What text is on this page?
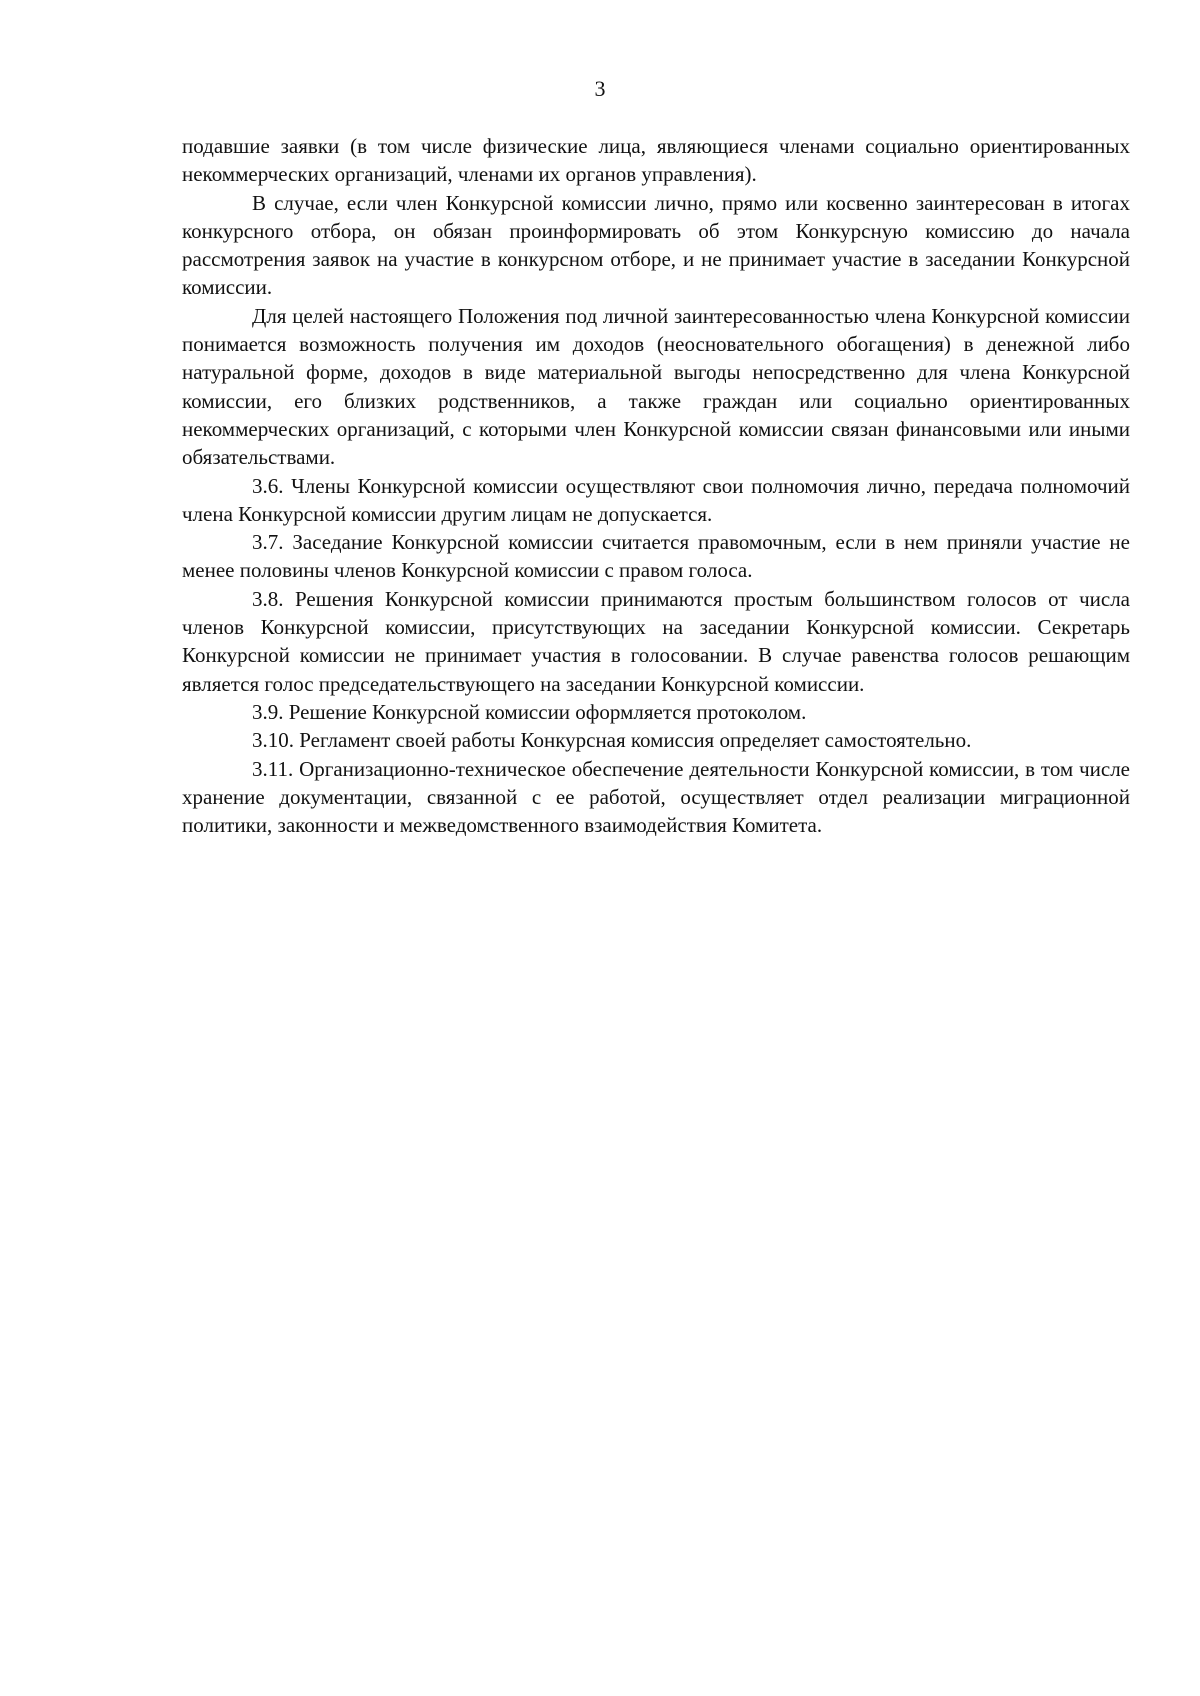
3

подавшие заявки (в том числе физические лица, являющиеся членами социально ориентированных некоммерческих организаций, членами их органов управления).

В случае, если член Конкурсной комиссии лично, прямо или косвенно заинтересован в итогах конкурсного отбора, он обязан проинформировать об этом Конкурсную комиссию до начала рассмотрения заявок на участие в конкурсном отборе, и не принимает участие в заседании Конкурсной комиссии.

Для целей настоящего Положения под личной заинтересованностью члена Конкурсной комиссии понимается возможность получения им доходов (неосновательного обогащения) в денежной либо натуральной форме, доходов в виде материальной выгоды непосредственно для члена Конкурсной комиссии, его близких родственников, а также граждан или социально ориентированных некоммерческих организаций, с которыми член Конкурсной комиссии связан финансовыми или иными обязательствами.

3.6. Члены Конкурсной комиссии осуществляют свои полномочия лично, передача полномочий члена Конкурсной комиссии другим лицам не допускается.

3.7. Заседание Конкурсной комиссии считается правомочным, если в нем приняли участие не менее половины членов Конкурсной комиссии с правом голоса.

3.8. Решения Конкурсной комиссии принимаются простым большинством голосов от числа членов Конкурсной комиссии, присутствующих на заседании Конкурсной комиссии. Секретарь Конкурсной комиссии не принимает участия в голосовании. В случае равенства голосов решающим является голос председательствующего на заседании Конкурсной комиссии.

3.9. Решение Конкурсной комиссии оформляется протоколом.

3.10. Регламент своей работы Конкурсная комиссия определяет самостоятельно.

3.11. Организационно-техническое обеспечение деятельности Конкурсной комиссии, в том числе хранение документации, связанной с ее работой, осуществляет отдел реализации миграционной политики, законности и межведомственного взаимодействия Комитета.
